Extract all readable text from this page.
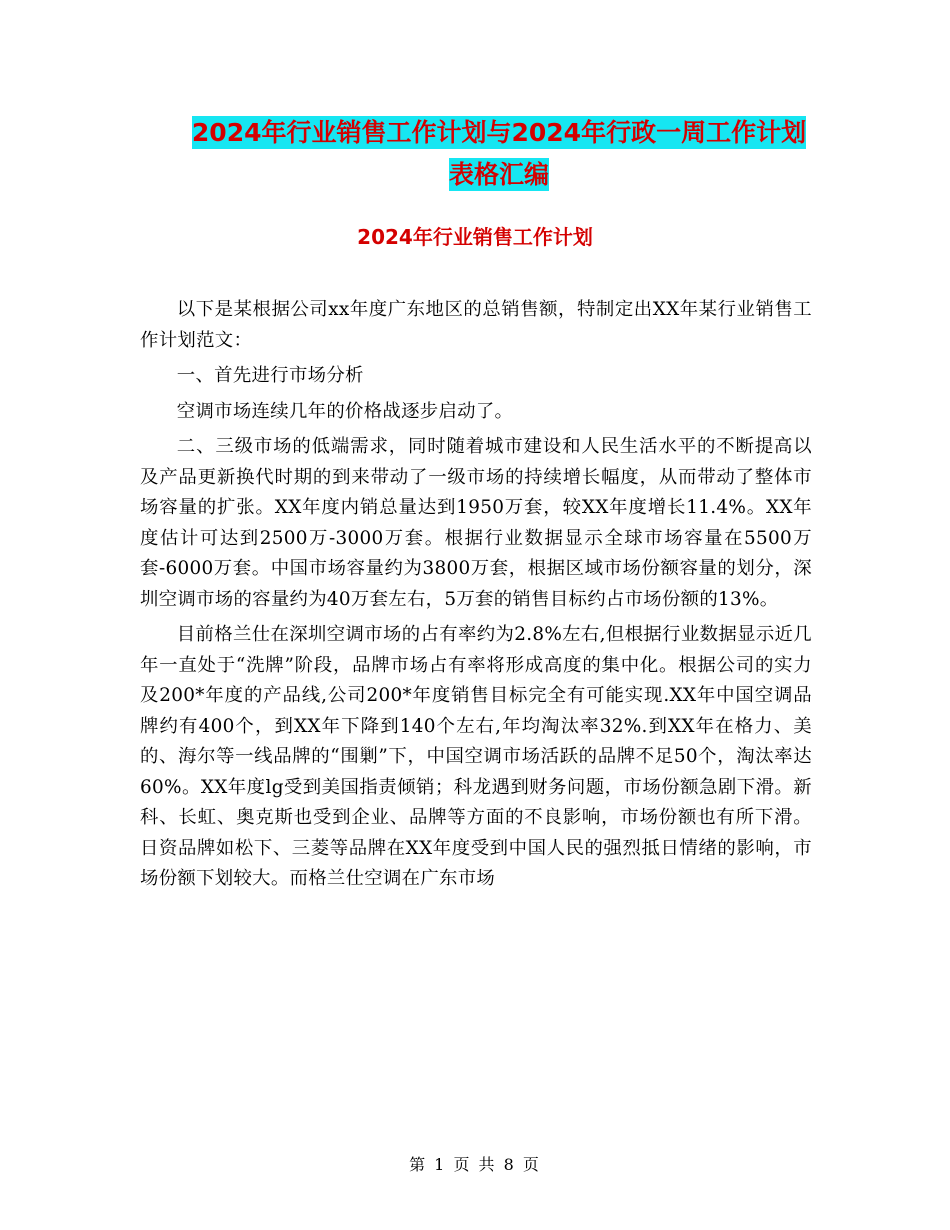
2024年行业销售工作计划与2024年行政一周工作计划
表格汇编
2024年行业销售工作计划

以下是某根据公司xx年度广东地区的总销售额，特制定出XX年某行业销售工作计划范文：

一、首先进行市场分析

空调市场连续几年的价格战逐步启动了。

二、三级市场的低端需求，同时随着城市建设和人民生活水平的不断提高以及产品更新换代时期的到来带动了一级市场的持续增长幅度，从而带动了整体市场容量的扩张。XX年度内销总量达到1950万套，较XX年度增长11.4%。XX年度估计可达到2500万-3000万套。根据行业数据显示全球市场容量在5500万套-6000万套。中国市场容量约为3800万套，根据区域市场份额容量的划分，深圳空调市场的容量约为40万套左右，5万套的销售目标约占市场份额的13%。

目前格兰仕在深圳空调市场的占有率约为2.8%左右,但根据行业数据显示近几年一直处于“洗牌”阶段，品牌市场占有率将形成高度的集中化。根据公司的实力及200*年度的产品线,公司200*年度销售目标完全有可能实现.XX年中国空调品牌约有400个，到XX年下降到140个左右,年均淘汰率32%.到XX年在格力、美的、海尔等一线品牌的“围剿”下，中国空调市场活跃的品牌不足50个，淘汰率达60%。XX年度lg受到美国指责倾销；科龙遇到财务问题，市场份额急剧下滑。新科、长虹、奥克斯也受到企业、品牌等方面的不良影响，市场份额也有所下滑。日资品牌如松下、三菱等品牌在XX年度受到中国人民的强烈抵日情绪的影响，市场份额下划较大。而格兰仕空调在广东市场

第 1 页 共 8 页
